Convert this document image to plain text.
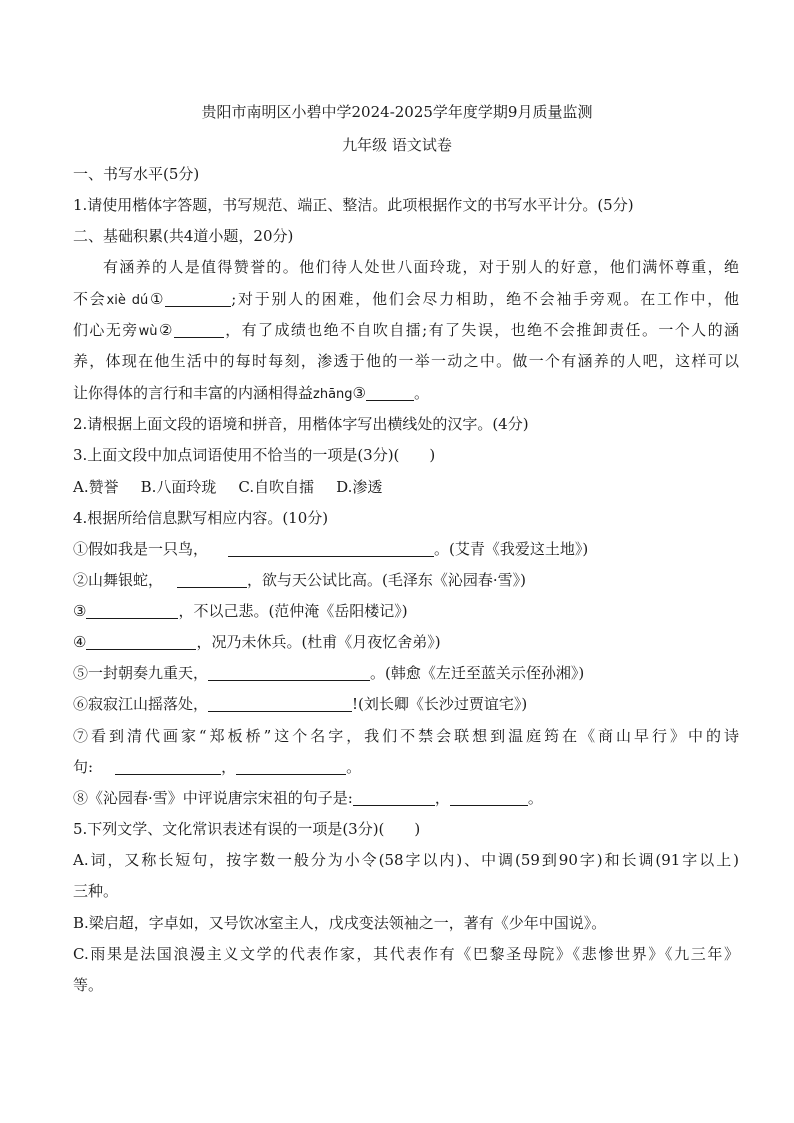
贵阳市南明区小碧中学2024-2025学年度学期9月质量监测
九年级 语文试卷
一、书写水平(5分)
1.请使用楷体字答题，书写规范、端正、整洁。此项根据作文的书写水平计分。(5分)
二、基础积累(共4道小题，20分)
有涵养的人是值得赞誉的。他们待人处世八面玲珑，对于别人的好意，他们满怀尊重，绝
不会xiè dú①	;对于别人的困难，他们会尽力相助，绝不会袖手旁观。在工作中，他
们心无旁wù②	，有了成绩也绝不自吹自擂;有了失误，也绝不会推卸责任。一个人的涵
养，体现在他生活中的每时每刻，渗透于他的一举一动之中。做一个有涵养的人吧，这样可以
让你得体的言行和丰富的内涵相得益zhāng③	。
2.请根据上面文段的语境和拼音，用楷体字写出横线处的汉字。(4分)
3.上面文段中加点词语使用不恰当的一项是(3分)(　　)
A.赞誉 B.八面玲珑 C.自吹自擂 D.渗透
4.根据所给信息默写相应内容。(10分)
①假如我是一只鸟，	。(艾青《我爱这土地》)
②山舞银蛇，	，欲与天公试比高。(毛泽东《沁园春·雪》)
③	，不以己悲。(范仲淹《岳阳楼记》)
④	，况乃未休兵。(杜甫《月夜忆舍弟》)
⑤一封朝奏九重天，	。(韩愈《左迁至蓝关示侄孙湘》)
⑥寂寂江山摇落处，	!(刘长卿《长沙过贾谊宅》)
⑦看到清代画家“郑板桥”这个名字，我们不禁会联想到温庭筠在《商山早行》中的诗
句:	，	。
⑧《沁园春·雪》中评说唐宗宋祖的句子是:	，	。
5.下列文学、文化常识表述有误的一项是(3分)(　　)
A.词，又称长短句，按字数一般分为小令(58字以内)、中调(59到90字)和长调(91字以上)
三种。
B.梁启超，字卓如，又号饮冰室主人，戊戌变法领袖之一，著有《少年中国说》。
C.雨果是法国浪漫主义文学的代表作家，其代表作有《巴黎圣母院》《悲惨世界》《九三年》
等。
